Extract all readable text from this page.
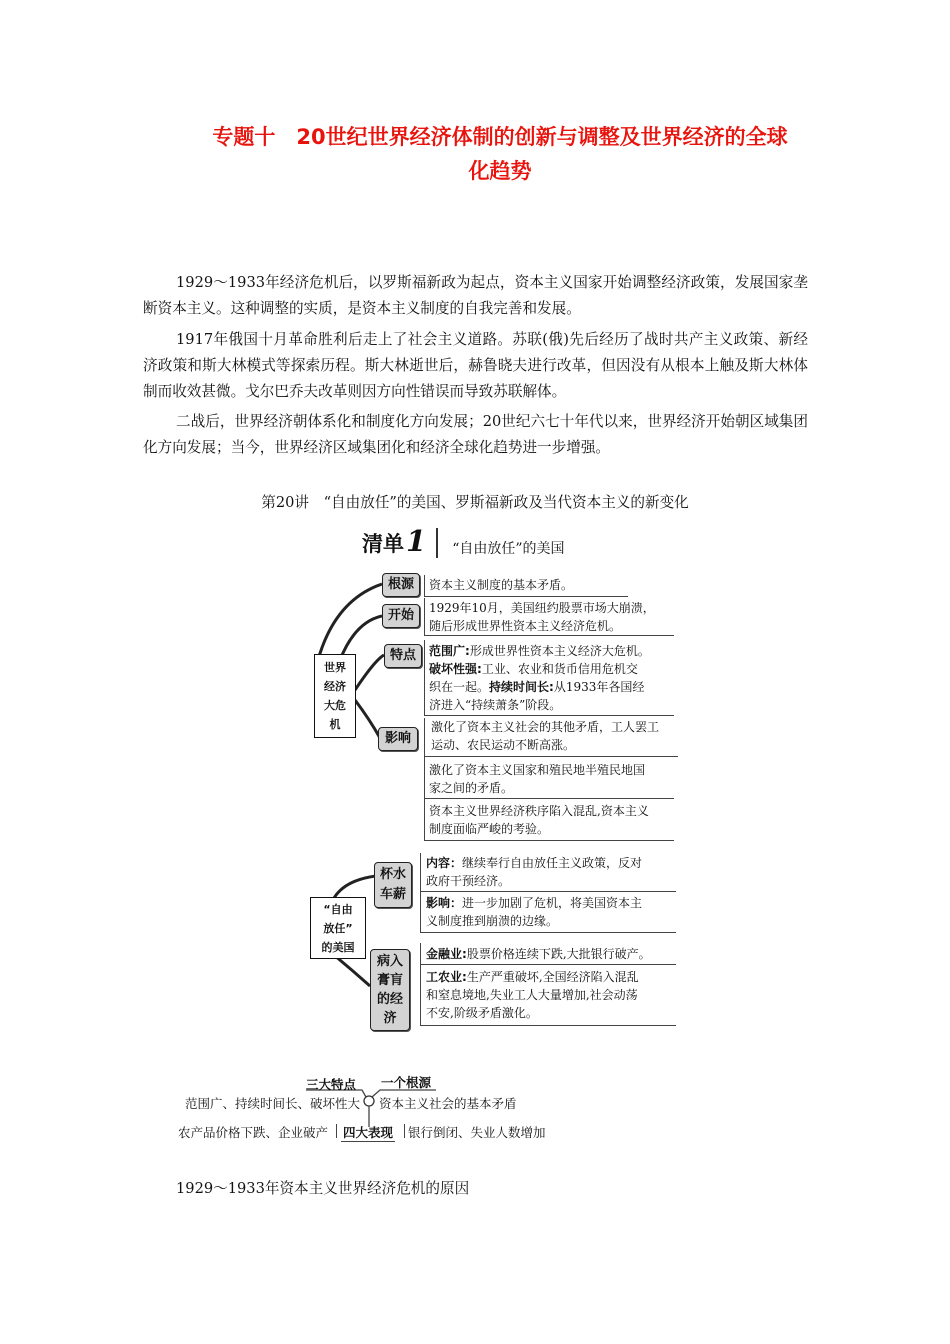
专题十　20世纪世界经济体制的创新与调整及世界经济的全球
化趋势

1929～1933年经济危机后，以罗斯福新政为起点，资本主义国家开始调整经济政策，发展国家垄断资本主义。这种调整的实质，是资本主义制度的自我完善和发展。

1917年俄国十月革命胜利后走上了社会主义道路。苏联(俄)先后经历了战时共产主义政策、新经济政策和斯大林模式等探索历程。斯大林逝世后，赫鲁晓夫进行改革，但因没有从根本上触及斯大林体制而收效甚微。戈尔巴乔夫改革则因方向性错误而导致苏联解体。

二战后，世界经济朝体系化和制度化方向发展；20世纪六七十年代以来，世界经济开始朝区域集团化方向发展；当今，世界经济区域集团化和经济全球化趋势进一步增强。

第20讲　“自由放任”的美国、罗斯福新政及当代资本主义的新变化
清单 1 “自由放任”的美国
世界
经济
大危
机
根源	资本主义制度的基本矛盾。
开始	1929年10月，美国纽约股票市场大崩溃，
随后形成世界性资本主义经济危机。
特点	范围广:形成世界性资本主义经济大危机。
破坏性强:工业、农业和货币信用危机交
织在一起。持续时间长:从1933年各国经
济进入“持续萧条”阶段。
影响
激化了资本主义社会的其他矛盾，工人罢工
运动、农民运动不断高涨。
激化了资本主义国家和殖民地半殖民地国
家之间的矛盾。
资本主义世界经济秩序陷入混乱,资本主义
制度面临严峻的考验。
“自由
放任”
的美国
杯水
车薪
内容：继续奉行自由放任主义政策，反对
政府干预经济。
影响：进一步加剧了危机，将美国资本主
义制度推到崩溃的边缘。
病入
膏肓
的经
济
金融业:股票价格连续下跌,大批银行破产。
工农业:生产严重破坏,全国经济陷入混乱
和窒息境地,失业工人大量增加,社会动荡
不安,阶级矛盾激化。
三大特点 一个根源
范围广、持续时间长、破坏性大 资本主义社会的基本矛盾
农产品价格下跌、企业破产 四大表现 银行倒闭、失业人数增加
1929～1933年资本主义世界经济危机的原因
